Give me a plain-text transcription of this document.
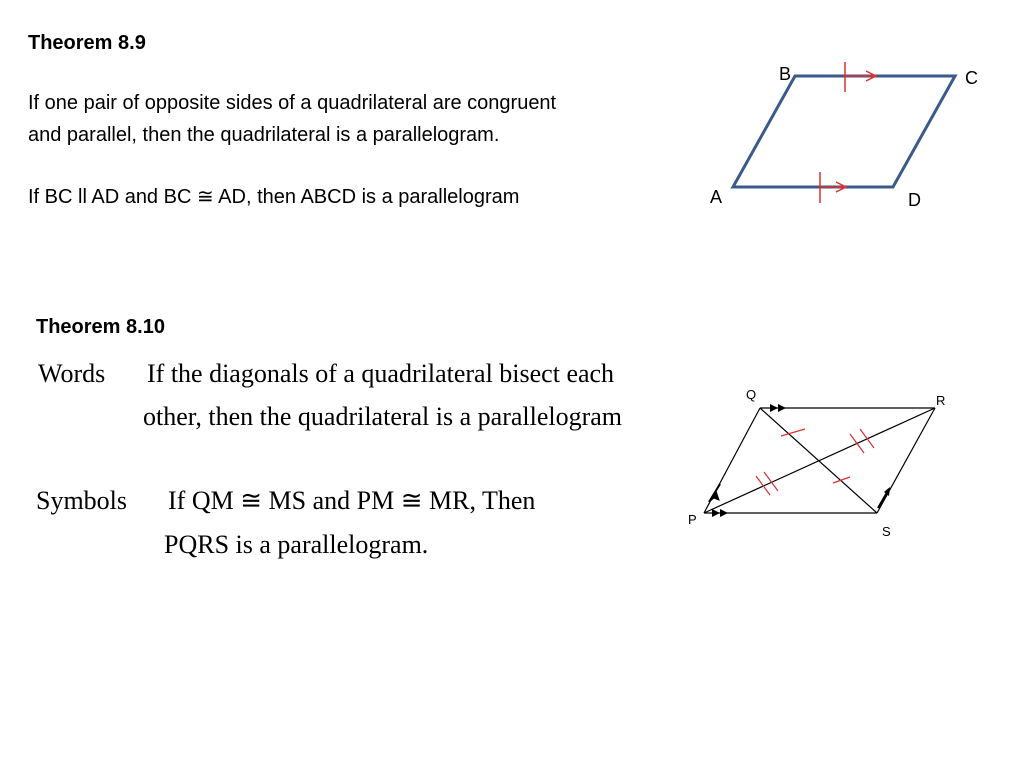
Theorem 8.9
If one pair of opposite sides of a quadrilateral are congruent
and parallel, then the quadrilateral is a parallelogram.
If BC ll AD and BC ≅ AD, then ABCD is a parallelogram
B	C
A	D
Theorem 8.10
Words If the diagonals of a quadrilateral bisect each
other, then the quadrilateral is a parallelogram
Symbols If QM ≅ MS and PM ≅ MR, Then
PQRS is a parallelogram.
Q	R
P
S
